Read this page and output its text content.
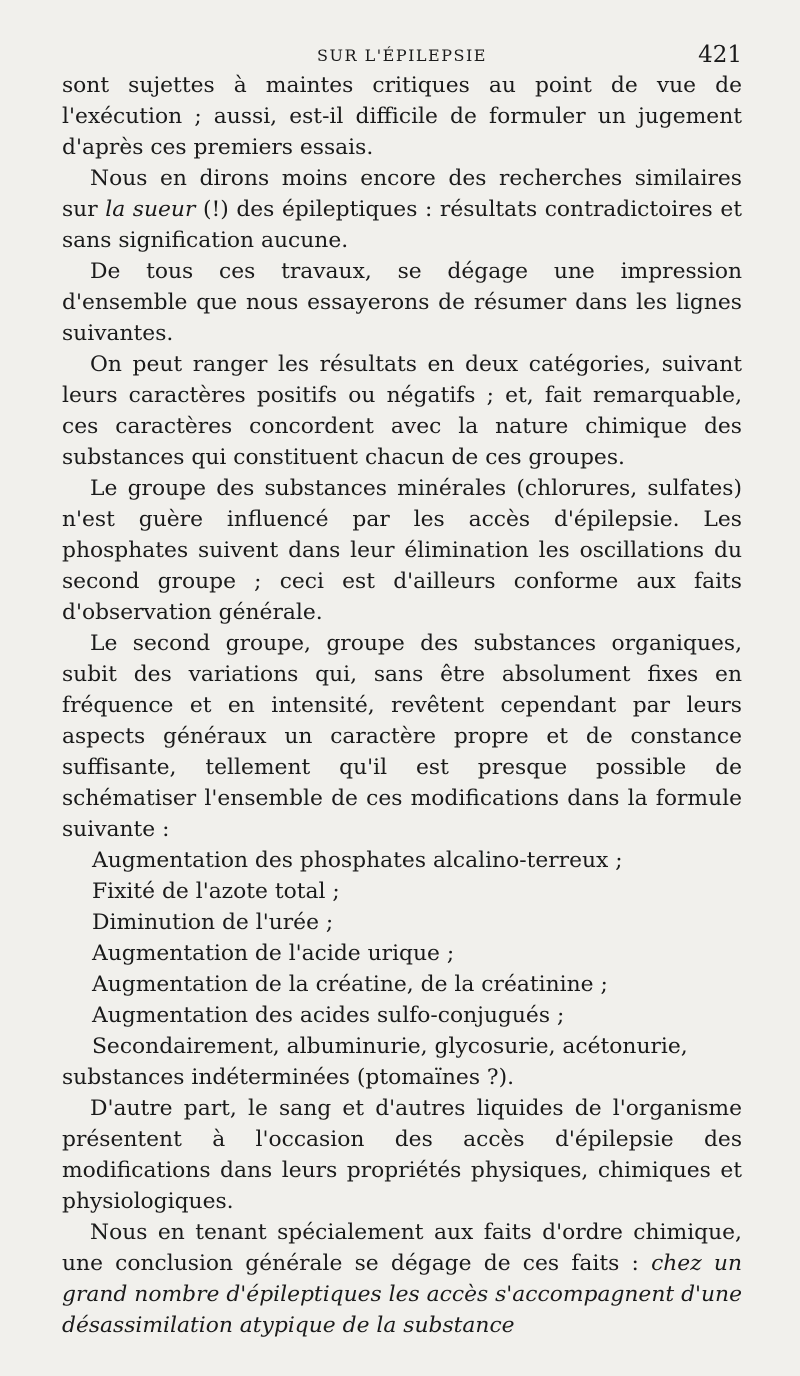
SUR L'ÉPILEPSIE	421

sont sujettes à maintes critiques au point de vue de l'exécution ; aussi, est-il difficile de formuler un jugement d'après ces premiers essais.

Nous en dirons moins encore des recherches similaires sur la sueur (!) des épileptiques : résultats contradictoires et sans signification aucune.

De tous ces travaux, se dégage une impression d'ensemble que nous essayerons de résumer dans les lignes suivantes.

On peut ranger les résultats en deux catégories, suivant leurs caractères positifs ou négatifs ; et, fait remarquable, ces caractères concordent avec la nature chimique des substances qui constituent chacun de ces groupes.

Le groupe des substances minérales (chlorures, sulfates) n'est guère influencé par les accès d'épilepsie. Les phosphates suivent dans leur élimination les oscillations du second groupe ; ceci est d'ailleurs conforme aux faits d'observation générale.

Le second groupe, groupe des substances organiques, subit des variations qui, sans être absolument fixes en fréquence et en intensité, revêtent cependant par leurs aspects généraux un caractère propre et de constance suffisante, tellement qu'il est presque possible de schématiser l'ensemble de ces modifications dans la formule suivante :

Augmentation des phosphates alcalino-terreux ;

Fixité de l'azote total ;

Diminution de l'urée ;

Augmentation de l'acide urique ;

Augmentation de la créatine, de la créatinine ;

Augmentation des acides sulfo-conjugués ;

Secondairement, albuminurie, glycosurie, acétonurie,

substances indéterminées (ptomaïnes ?).

D'autre part, le sang et d'autres liquides de l'organisme présentent à l'occasion des accès d'épilepsie des modifications dans leurs propriétés physiques, chimiques et physiologiques.

Nous en tenant spécialement aux faits d'ordre chimique, une conclusion générale se dégage de ces faits : chez un grand nombre d'épileptiques les accès s'accompagnent d'une désassimilation atypique de la substance
